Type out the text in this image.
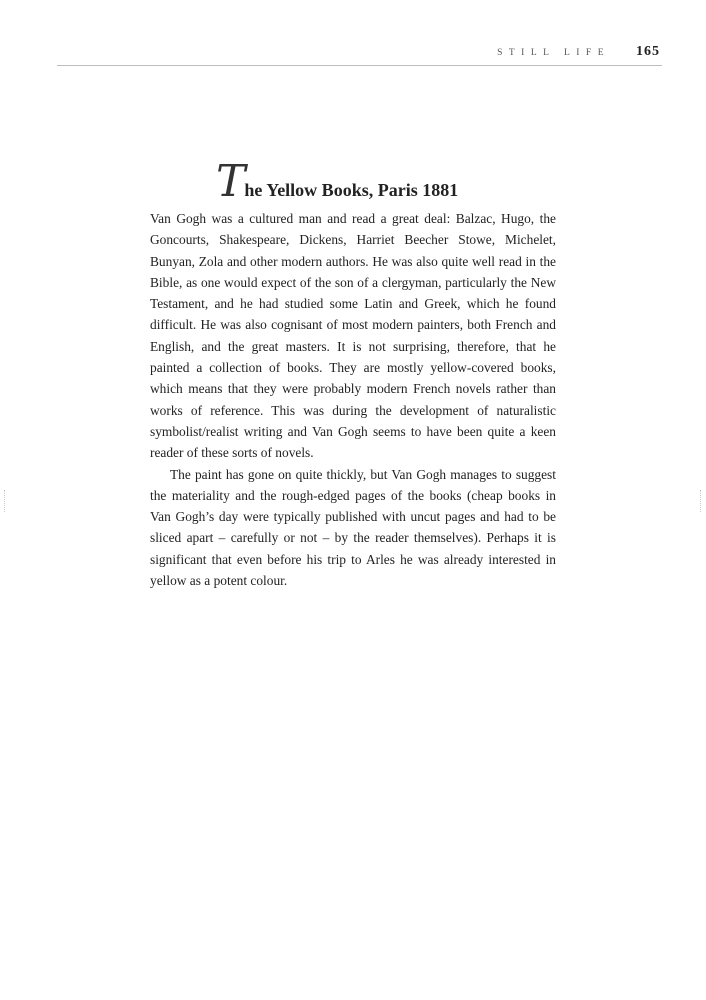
STILL LIFE 165
T he Yellow Books, Paris 1881

Van Gogh was a cultured man and read a great deal: Balzac, Hugo, the Goncourts, Shakespeare, Dickens, Harriet Beecher Stowe, Michelet, Bunyan, Zola and other modern authors. He was also quite well read in the Bible, as one would expect of the son of a clergyman, particularly the New Testament, and he had studied some Latin and Greek, which he found difficult. He was also cognisant of most modern painters, both French and English, and the great masters. It is not surprising, therefore, that he painted a collection of books. They are mostly yellow-covered books, which means that they were probably modern French novels rather than works of reference. This was during the development of naturalistic symbolist/realist writing and Van Gogh seems to have been quite a keen reader of these sorts of novels.

The paint has gone on quite thickly, but Van Gogh manages to suggest the materiality and the rough-edged pages of the books (cheap books in Van Gogh’s day were typically published with uncut pages and had to be sliced apart – carefully or not – by the reader themselves). Perhaps it is significant that even before his trip to Arles he was already interested in yellow as a potent colour.
